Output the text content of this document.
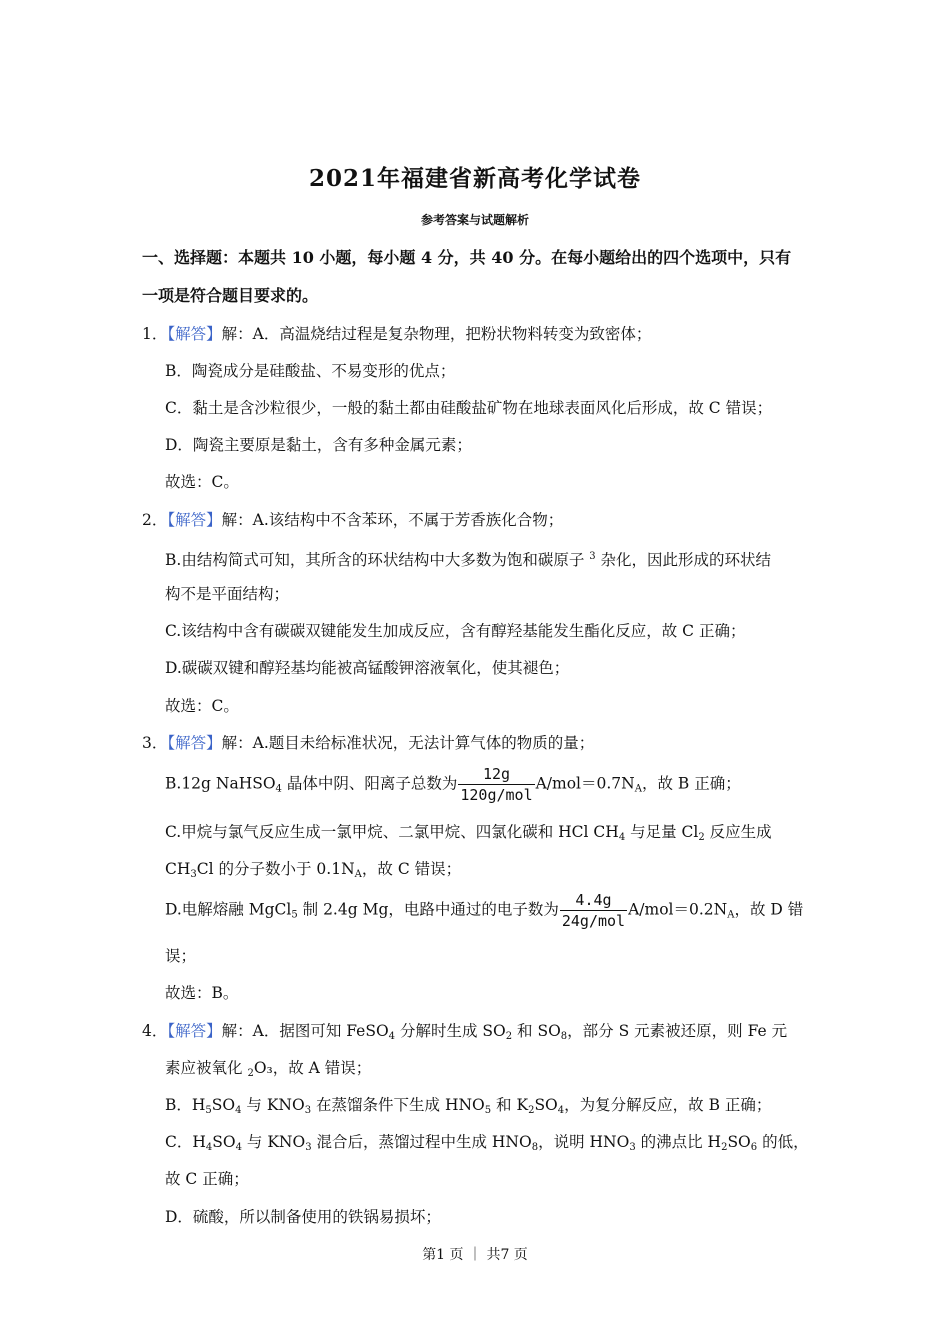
2021年福建省新高考化学试卷
参考答案与试题解析
一、选择题：本题共 10 小题，每小题 4 分，共 40 分。在每小题给出的四个选项中，只有
一项是符合题目要求的。
1．【解答】解：A．高温烧结过程是复杂物理，把粉状物料转变为致密体；
B．陶瓷成分是硅酸盐、不易变形的优点；
C．黏土是含沙粒很少，一般的黏土都由硅酸盐矿物在地球表面风化后形成，故 C 错误；
D．陶瓷主要原是黏土，含有多种金属元素；
故选：C。
2．【解答】解：A.该结构中不含苯环，不属于芳香族化合物；
B.由结构简式可知，其所含的环状结构中大多数为饱和碳原子 $^3$ 杂化，因此形成的环状结
构不是平面结构；
C.该结构中含有碳碳双键能发生加成反应，含有醇羟基能发生酯化反应，故 C 正确；
D.碳碳双键和醇羟基均能被高锰酸钾溶液氧化，使其褪色；
故选：C。
3．【解答】解：A.题目未给标准状况，无法计算气体的物质的量；
B.12g NaHSO$_4$ 晶体中阴、阳离子总数为 $\frac{12g}{\text{120g/mol}} A/mol=0.7N_A$，故 B 正确；
C.甲烷与氯气反应生成一氯甲烷、二氯甲烷、四氯化碳和 HCl $CH_4$ 与足量 $Cl_2$ 反应生成
$CH_3Cl$ 的分子数小于 $0.1N_A$，故 C 错误；
D.电解熔融 MgCl$_5$ 制 2.4g Mg，电路中通过的电子数为 $\frac{4.4g}{\text{24g/mol}} A/mol=0.2N_A$，故 D 错
误；
故选：B。
4．【解答】解：A．据图可知 FeSO$_4$ 分解时生成 $SO_2$ 和 $SO_8$，部分 S 元素被还原，则 Fe 元
素应被氧化 $_2$O₃，故 A 错误；
B．$H_5SO_4$ 与 $KNO_3$ 在蒸馏条件下生成 $HNO_5$ 和 $K_2SO_4$，为复分解反应，故 B 正确；
C．$H_4SO_4$ 与 $KNO_3$ 混合后，蒸馏过程中生成 $HNO_8$，说明 $HNO_3$ 的沸点比 $H_2SO_6$ 的低，
故 C 正确；
D．硫酸，所以制备使用的铁锅易损坏；
第1 页 ｜ 共7 页
